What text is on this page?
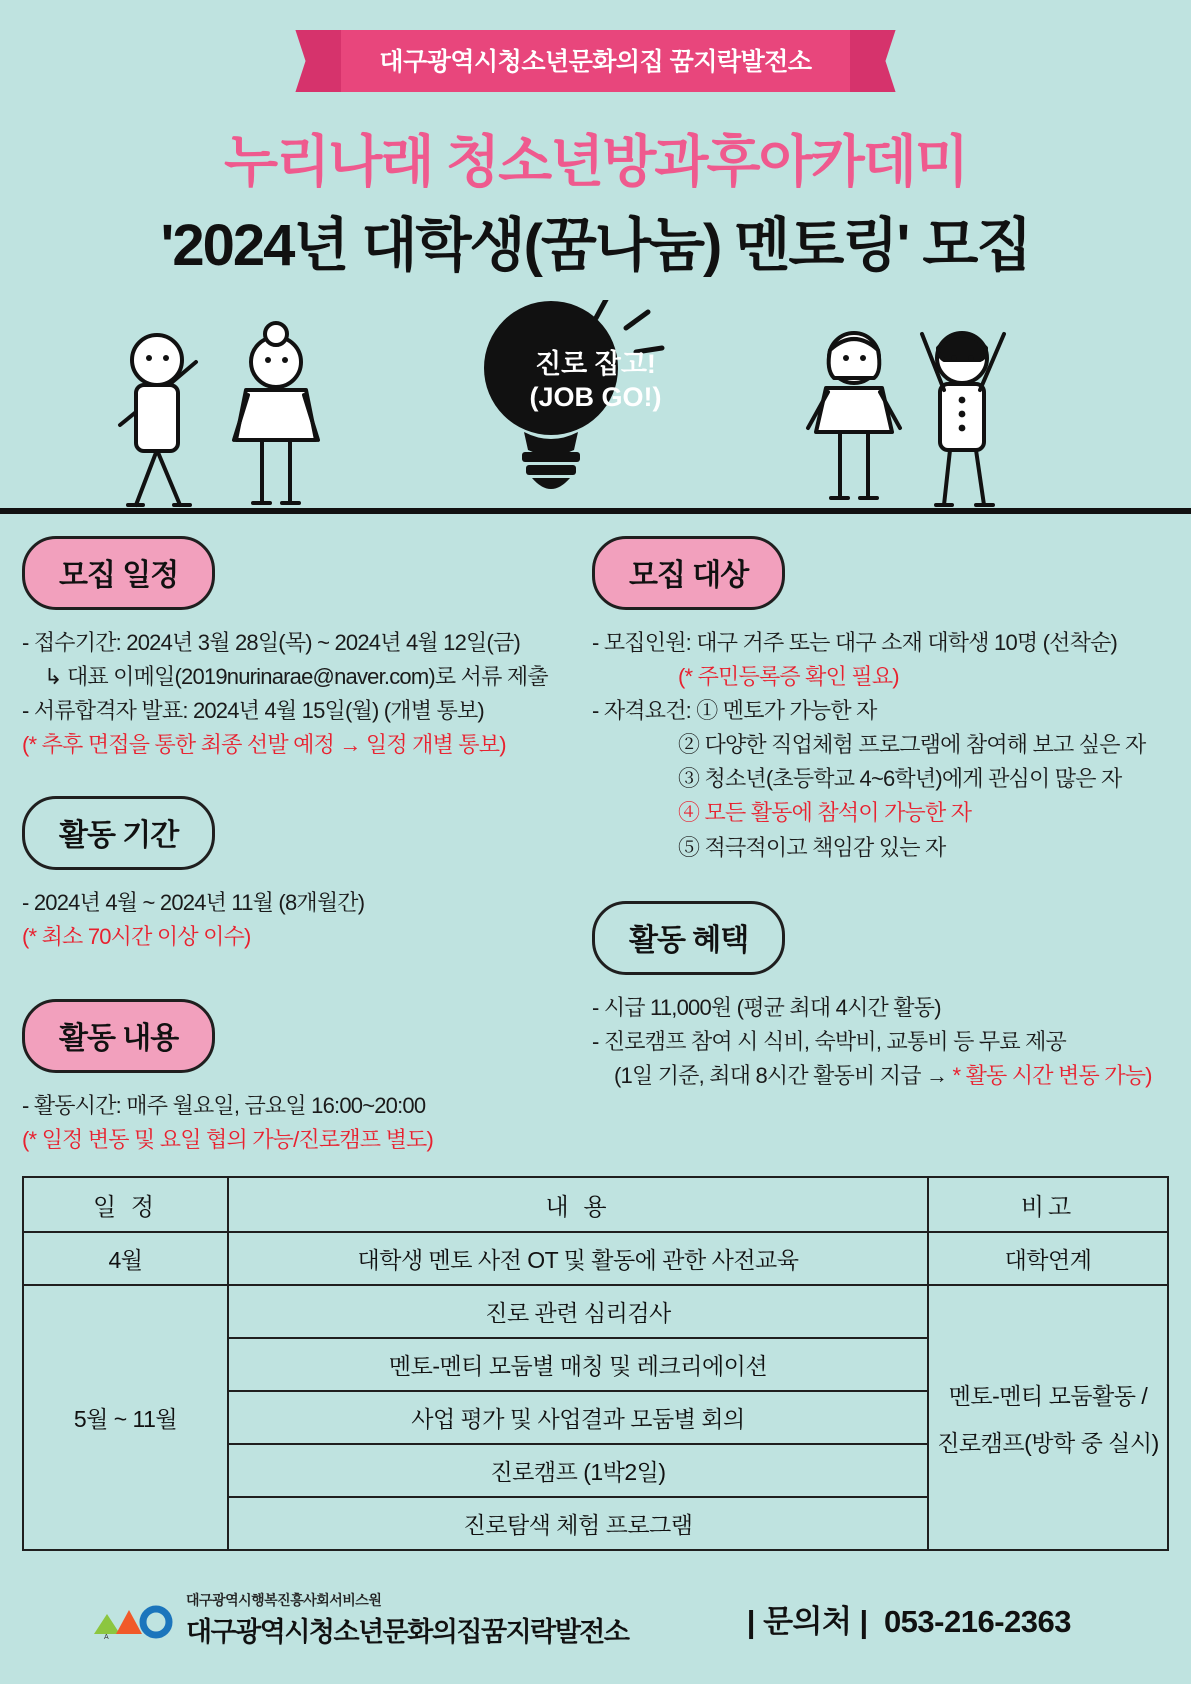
대구광역시청소년문화의집 꿈지락발전소
누리나래 청소년방과후아카데미
'2024년 대학생(꿈나눔) 멘토링' 모집
진로 잡고!
(JOB GO!)
모집 일정
- 접수기간: 2024년 3월 28일(목) ~ 2024년 4월 12일(금)
↳ 대표 이메일(2019nurinarae@naver.com)로 서류 제출
- 서류합격자 발표: 2024년 4월 15일(월) (개별 통보)
(* 추후 면접을 통한 최종 선발 예정 → 일정 개별 통보)
활동 기간
- 2024년 4월 ~ 2024년 11월 (8개월간)
(* 최소 70시간 이상 이수)
활동 내용
- 활동시간: 매주 월요일, 금요일 16:00~20:00
(* 일정 변동 및 요일 협의 가능/진로캠프 별도)
모집 대상
- 모집인원: 대구 거주 또는 대구 소재 대학생 10명 (선착순)
(* 주민등록증 확인 필요)
- 자격요건: ① 멘토가 가능한 자
② 다양한 직업체험 프로그램에 참여해 보고 싶은 자
③ 청소년(초등학교 4~6학년)에게 관심이 많은 자
④ 모든 활동에 참석이 가능한 자
⑤ 적극적이고 책임감 있는 자
활동 혜택
- 시급 11,000원 (평균 최대 4시간 활동)
- 진로캠프 참여 시 식비, 숙박비, 교통비 등 무료 제공
(1일 기준, 최대 8시간 활동비 지급 → * 활동 시간 변동 가능)
일 정	내 용	비고
4월	대학생 멘토 사전 OT 및 활동에 관한 사전교육	대학연계
5월 ~ 11월	진로 관련 심리검사	멘토-멘티 모둠활동 /
진로캠프(방학 중 실시)

	멘토-멘티 모둠별 매칭 및 레크리에이션	
	사업 평가 및 사업결과 모둠별 회의	
	진로캠프 (1박2일)	
	진로탐색 체험 프로그램	
A
대구광역시행복진흥사회서비스원
대구광역시청소년문화의집꿈지락발전소	| 문의처 | 053-216-2363
